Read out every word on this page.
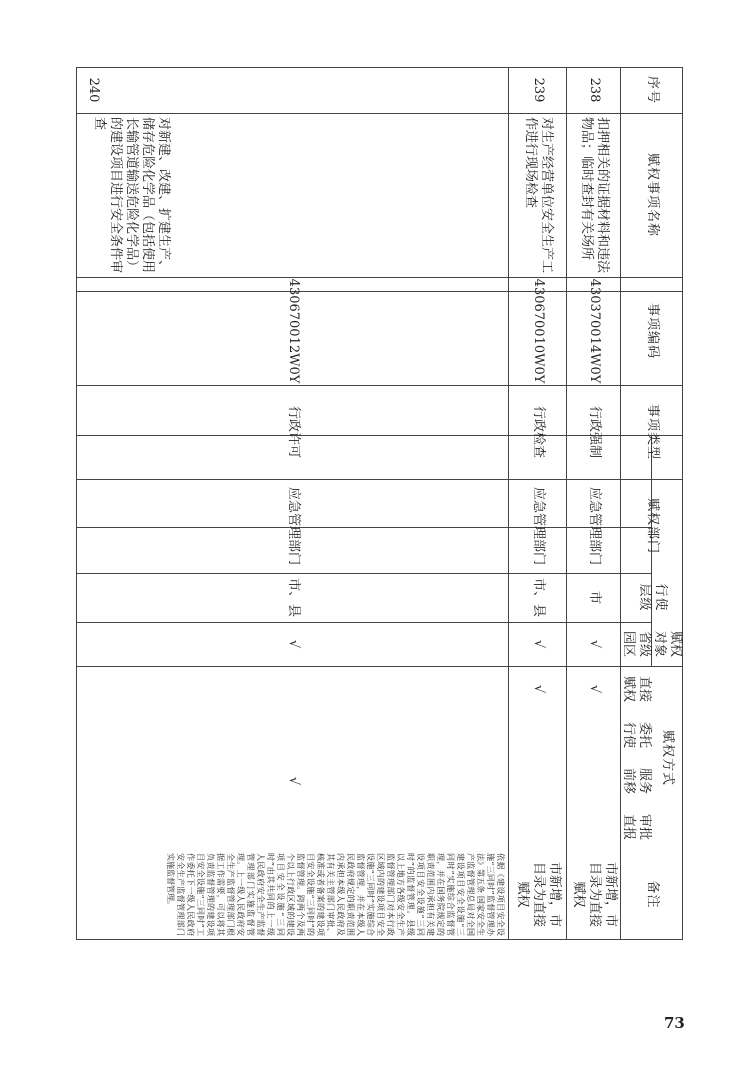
序号
赋权事项名称
事项编码
事项类型
赋权部门
行使层级
赋权对象
省级园区
赋权方式
直接赋权
委托行使
服务前移
审批直报
备注
238
扣押相关的证据材料和违法物品；临时查封有关场所
430370014W0Y
行政强制
应急管理部门
市
√
√
市新增，市目录为直接赋权
239
对生产经营单位安全生产工作进行现场检查
430670010W0Y
行政检查
应急管理部门
市、县
√
√
市新增，市目录为直接赋权
240
对新建、改建、扩建生产、储存危险化学品（包括使用长输管道输送危险化学品）的建设项目进行安全条件审查
430670012W0Y
行政许可
应急管理部门
市、县
√
√
依据《建设项目安全设施“三同时”监督管理办法》第五条 国家安全生产监督管理总局对全国建设项目安全设施“三同时”实施综合监督管理，并在国务院规定的职责范围内承担有关建设项目安全设施“三同时”的监督管理。县级以上地方各级安全生产监督管理部门对本行政区域内的建设项目安全设施“三同时”实施综合监督管理，并在本级人民政府规定的职责范围内承担本级人民政府及其有关主管部门审批、核准或者备案的建设项目安全设施“三同时”的监督管理。跨两个及两个以上行政区域的建设项目安全设施“三同时”由其共同的上一级人民政府安全生产监督管理部门实施监督管理。上一级人民政府安全生产监督管理部门根据工作需要，可以将其负责监督管理的建设项目安全设施“三同时”工作委托下一级人民政府安全生产监督管理部门实施监督管理。
73
